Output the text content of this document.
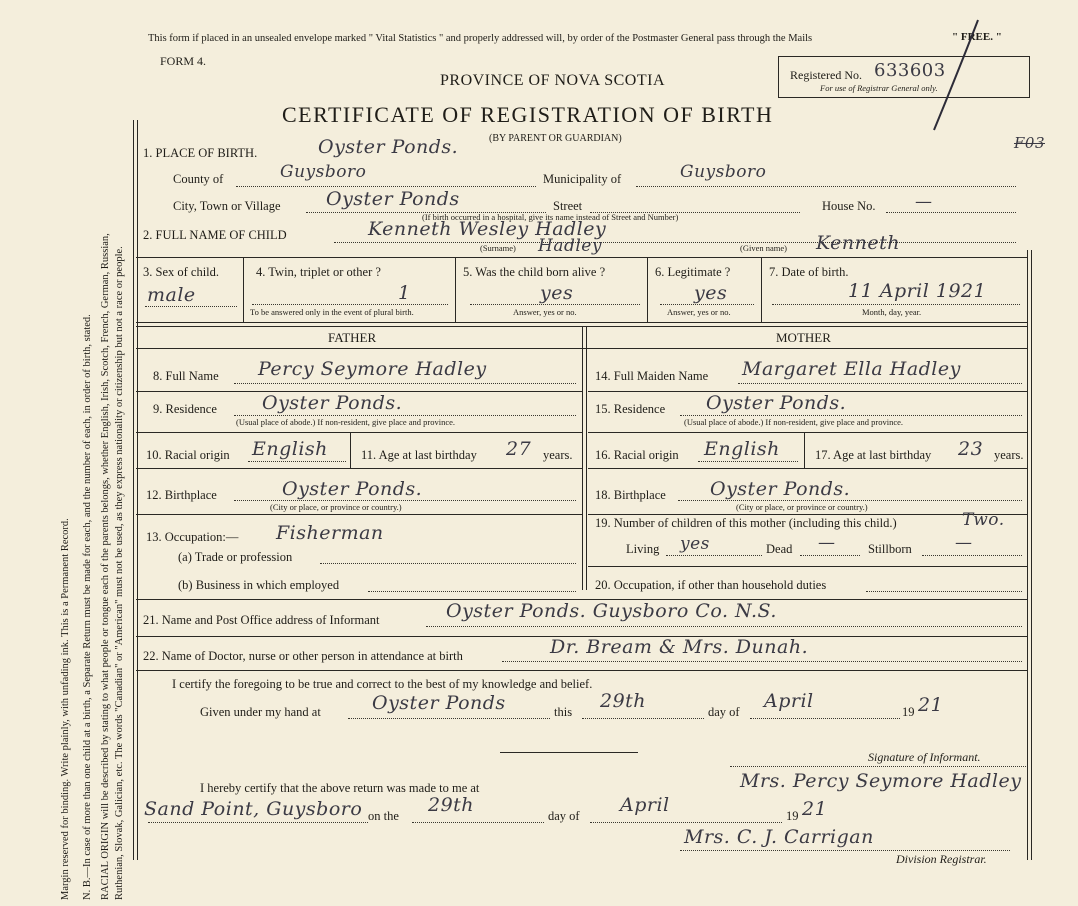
Margin reserved for binding. Write plainly, with unfading ink. This is a Permanent Record. N. B.—In case of more than one child at a birth, a Separate Return must be made for each, and the number of each, in order of birth, stated. RACIAL ORIGIN will be described by stating to what people or tongue each of the parents belongs, whether English, Irish, Scotch, French, German, Russian, Ruthenian, Slovak, Galician, etc. The words "Canadian" or "American" must not be used, as they express nationality or citizenship but not a race or people.
This form if placed in an unsealed envelope marked " Vital Statistics " and properly addressed will, by order of the Postmaster General pass through the Mails	" FREE. "
FORM 4.
PROVINCE OF NOVA SCOTIA
CERTIFICATE OF REGISTRATION OF BIRTH
(BY PARENT OR GUARDIAN)
Registered No. 633603
For use of Registrar General only.
F03
1. PLACE OF BIRTH.	Oyster Ponds.
County of	Guysboro	Municipality of	Guysboro
City, Town or Village Oyster Ponds	Street	House No. —
(If birth occurred in a hospital, give its name instead of Street and Number)
2. FULL NAME OF CHILD	Kenneth Wesley Hadley
(Surname) Hadley	(Given name) Kenneth
3. Sex of child.
male
4. Twin, triplet or other ?
1
To be answered only in the event of plural birth.
5. Was the child born alive ?
yes
Answer, yes or no.
6. Legitimate ?
yes
Answer, yes or no.
7. Date of birth.
11 April 1921
Month, day, year.
FATHER	MOTHER
8. Full Name Percy Seymore Hadley
9. Residence Oyster Ponds.
(Usual place of abode.) If non-resident, give place and province.
10. Racial origin English	11. Age at last birthday 27 years.
12. Birthplace	Oyster Ponds.
(City or place, or province or country.)
13. Occupation:— Fisherman
(a) Trade or profession
(b) Business in which employed
14. Full Maiden Name Margaret Ella Hadley
15. Residence Oyster Ponds.
(Usual place of abode.) If non-resident, give place and province.
16. Racial origin English	17. Age at last birthday 23 years.
18. Birthplace Oyster Ponds.
(City or place, or province or country.)
19. Number of children of this mother (including this child.)	Two.
Living yes	Dead —	Stillborn	—
20. Occupation, if other than household duties
21. Name and Post Office address of Informant	Oyster Ponds. Guysboro Co. N.S.
22. Name of Doctor, nurse or other person in attendance at birth	Dr. Bream & Mrs. Dunah.
I certify the foregoing to be true and correct to the best of my knowledge and belief.
Given under my hand at	Oyster Ponds	this 29th	day of April	19 21
Signature of Informant.
I hereby certify that the above return was made to me at	Mrs. Percy Seymore Hadley
Sand Point, Guysboro on the 29th	day of April	19 21
Mrs. C. J. Carrigan
Division Registrar.
